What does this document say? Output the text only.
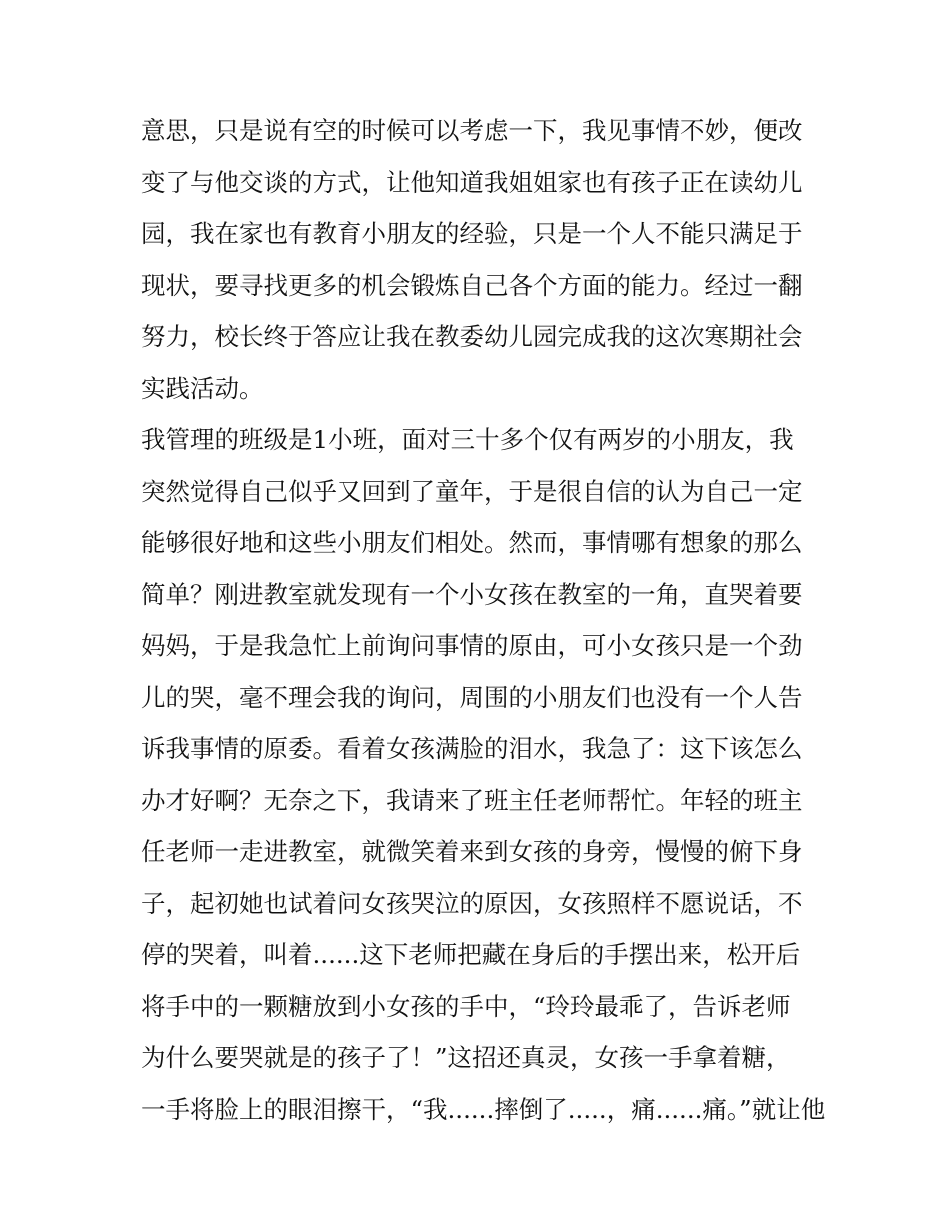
意思，只是说有空的时候可以考虑一下，我见事情不妙，便改
变了与他交谈的方式，让他知道我姐姐家也有孩子正在读幼儿
园，我在家也有教育小朋友的经验，只是一个人不能只满足于
现状，要寻找更多的机会锻炼自己各个方面的能力。经过一翻
努力，校长终于答应让我在教委幼儿园完成我的这次寒期社会
实践活动。
我管理的班级是1小班，面对三十多个仅有两岁的小朋友，我
突然觉得自己似乎又回到了童年，于是很自信的认为自己一定
能够很好地和这些小朋友们相处。然而，事情哪有想象的那么
简单？刚进教室就发现有一个小女孩在教室的一角，直哭着要
妈妈，于是我急忙上前询问事情的原由，可小女孩只是一个劲
儿的哭，毫不理会我的询问，周围的小朋友们也没有一个人告
诉我事情的原委。看着女孩满脸的泪水，我急了：这下该怎么
办才好啊？无奈之下，我请来了班主任老师帮忙。年轻的班主
任老师一走进教室，就微笑着来到女孩的身旁，慢慢的俯下身
子，起初她也试着问女孩哭泣的原因，女孩照样不愿说话，不
停的哭着，叫着......这下老师把藏在身后的手摆出来，松开后
将手中的一颗糖放到小女孩的手中，“玲玲最乖了，告诉老师
为什么要哭就是的孩子了！”这招还真灵，女孩一手拿着糖，
一手将脸上的眼泪擦干，“我......摔倒了.....，痛......痛。”就让他
